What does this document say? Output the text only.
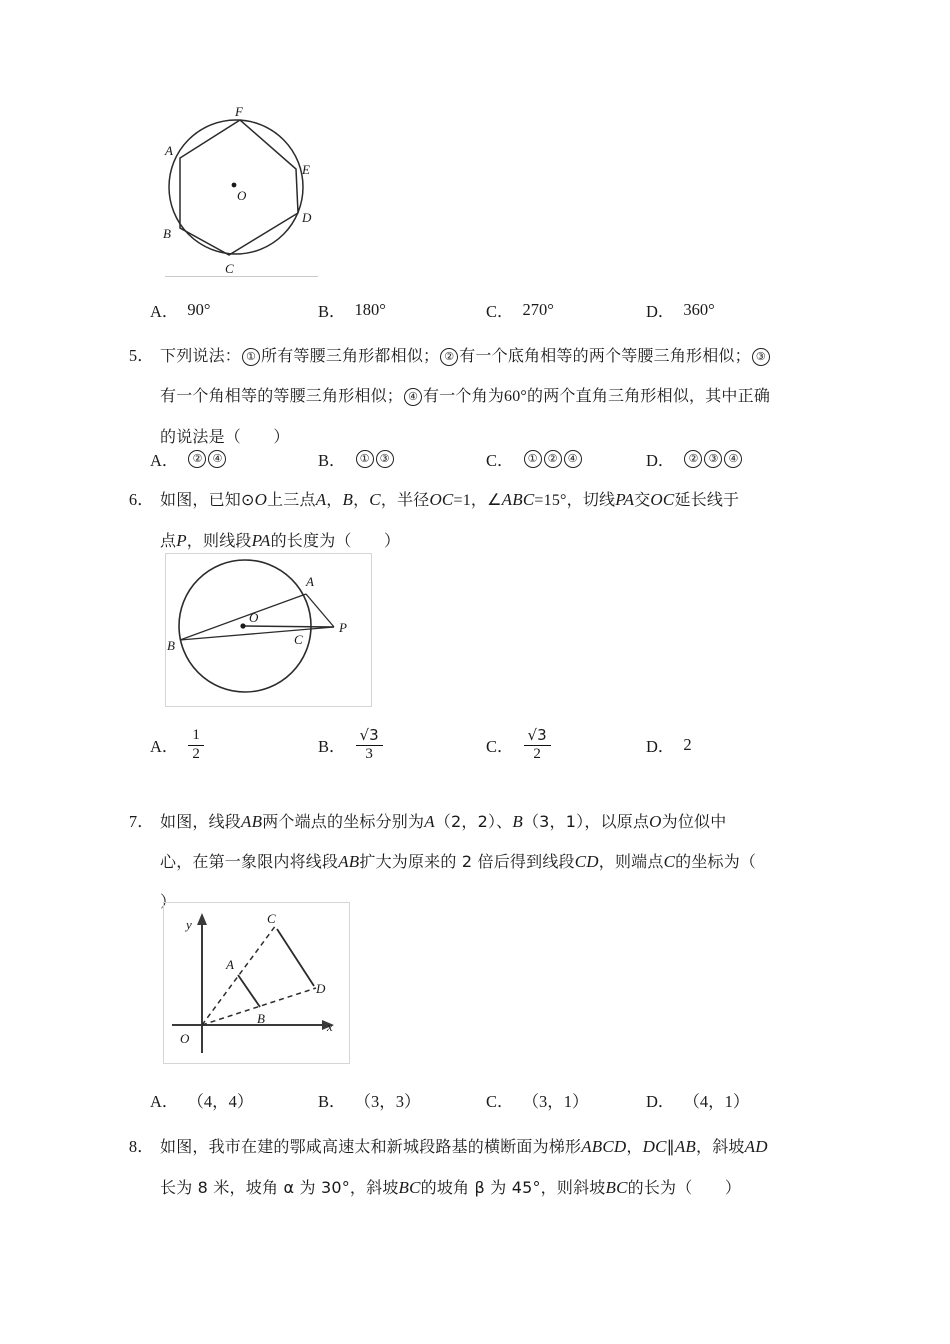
O
F
A
B
C
D
E
A． 90°	B． 180°	C． 270°	D． 360°
5． 下列说法： ① 所有等腰三角形都相似； ② 有一个底角相等的两个等腰三角形相似； ③
有一个角相等的等腰三角形相似； ④ 有一个角为60°的两个直角三角形相似，其中正确
的说法是（　　）
A．	② ④	B．	① ③	C．	① ② ④	D．	② ③ ④
6． 如图，已知⊙O上三点A，B，C，半径OC=1，∠ABC=15°，切线PA交OC延长线于
点P，则线段PA的长度为（　　）
O
A
B	C
P
A． $\frac{1}{2}$	B． $\frac{√3}{3}$	C． $\frac{√3}{2}$	D． 2
7． 如图，线段AB两个端点的坐标分别为A（2，2）、B（3，1），以原点O为位似中
心，在第一象限内将线段AB扩大为原来的 2 倍后得到线段CD，则端点C的坐标为（
）
O
x
y
A
B
C
D
A． （4，4）	B． （3，3）	C． （3，1）	D． （4，1）
8． 如图，我市在建的鄂咸高速太和新城段路基的横断面为梯形ABCD，DC∥AB，斜坡AD
长为 8 米，坡角 α 为 30°，斜坡BC的坡角 β 为 45°，则斜坡BC的长为（　　）
